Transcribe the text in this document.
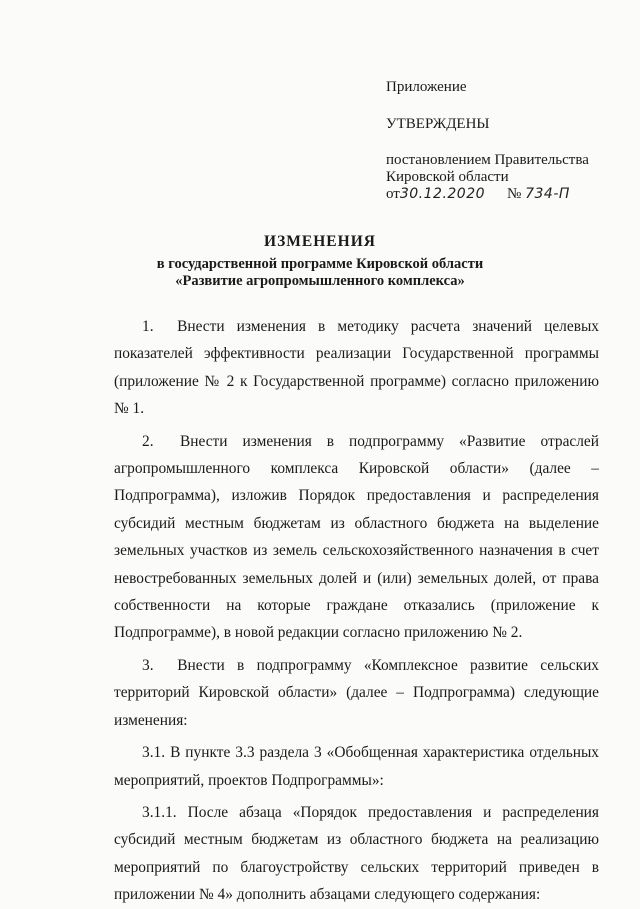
Приложение

УТВЕРЖДЕНЫ

постановлением Правительства

Кировской области

от30.12.2020 № 734-П

ИЗМЕНЕНИЯ
в государственной программе Кировской области
«Развитие агропромышленного комплекса»

1. Внести изменения в методику расчета значений целевых показателей эффективности реализации Государственной программы (приложение № 2 к Государственной программе) согласно приложению № 1.

2. Внести изменения в подпрограмму «Развитие отраслей агропромышленного комплекса Кировской области» (далее – Подпрограмма), изложив Порядок предоставления и распределения субсидий местным бюджетам из областного бюджета на выделение земельных участков из земель сельскохозяйственного назначения в счет невостребованных земельных долей и (или) земельных долей, от права собственности на которые граждане отказались (приложение к Подпрограмме), в новой редакции согласно приложению № 2.

3. Внести в подпрограмму «Комплексное развитие сельских территорий Кировской области» (далее – Подпрограмма) следующие изменения:

3.1. В пункте 3.3 раздела 3 «Обобщенная характеристика отдельных мероприятий, проектов Подпрограммы»:

3.1.1. После абзаца «Порядок предоставления и распределения субсидий местным бюджетам из областного бюджета на реализацию мероприятий по благоустройству сельских территорий приведен в приложении № 4» дополнить абзацами следующего содержания:
